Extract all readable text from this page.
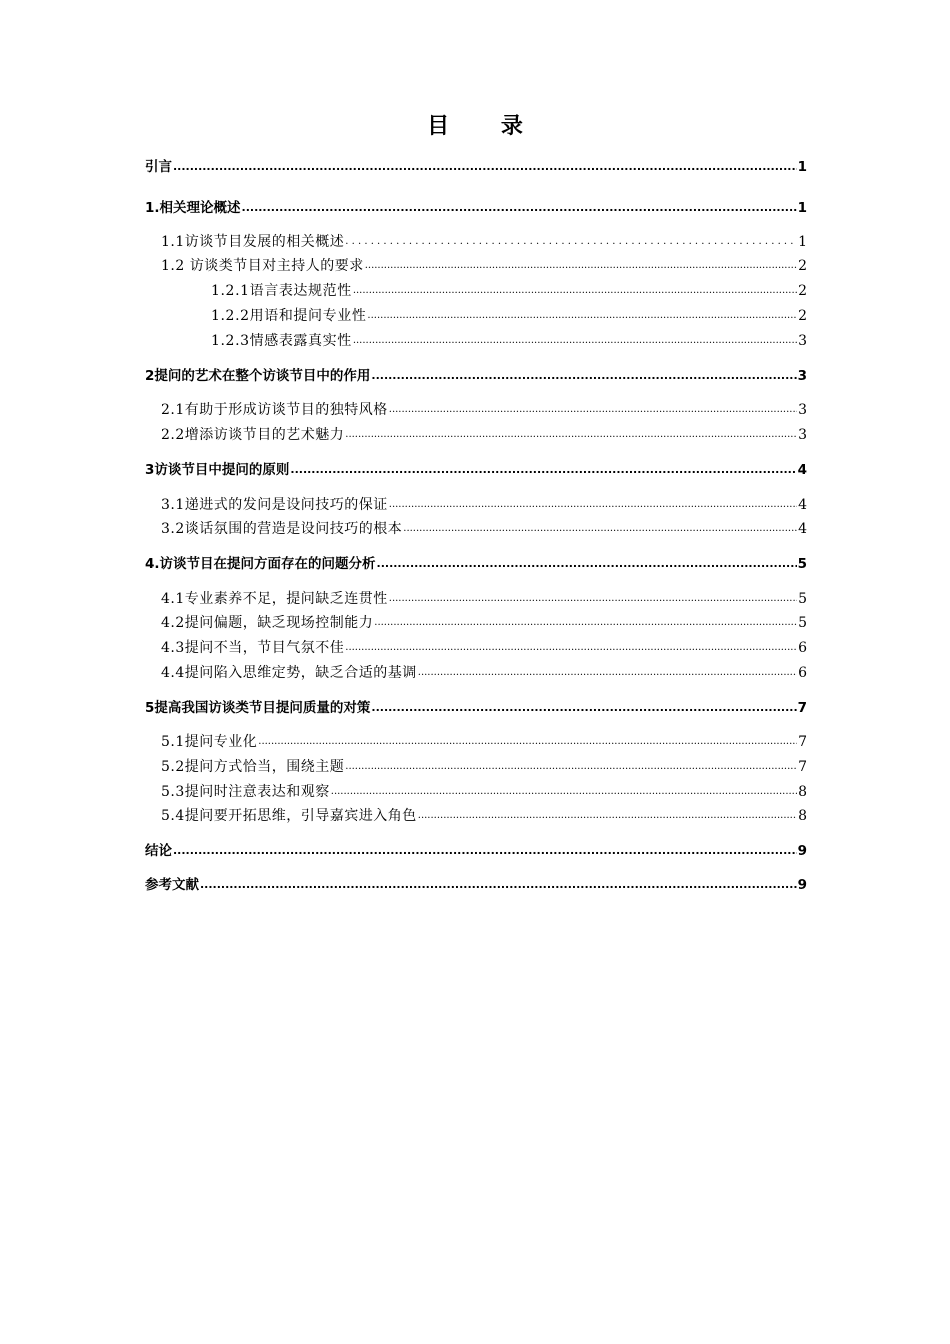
目 录
引言 .....	1
1.相关理论概述 .....	1
1.1访谈节目发展的相关概述 . . .	1
1.2 访谈类节目对主持人的要求 .....	2
1.2.1语言表达规范性 .....	2
1.2.2用语和提问专业性 .....	2
1.2.3情感表露真实性 .....	3
2提问的艺术在整个访谈节目中的作用 .....	3
2.1有助于形成访谈节目的独特风格 .....	3
2.2增添访谈节目的艺术魅力 .....	3
3访谈节目中提问的原则 .....	4
3.1递进式的发问是设问技巧的保证 .....	4
3.2谈话氛围的营造是设问技巧的根本 .....	4
4.访谈节目在提问方面存在的问题分析 .....	5
4.1专业素养不足，提问缺乏连贯性 .....	5
4.2提问偏题，缺乏现场控制能力 .....	5
4.3提问不当，节目气氛不佳 .....	6
4.4提问陷入思维定势，缺乏合适的基调 .....	6
5提高我国访谈类节目提问质量的对策 .....	7
5.1提问专业化 .....	7
5.2提问方式恰当，围绕主题 .....	7
5.3提问时注意表达和观察 .....	8
5.4提问要开拓思维，引导嘉宾进入角色 .....	8
结论 .....	9
参考文献 .....	9
